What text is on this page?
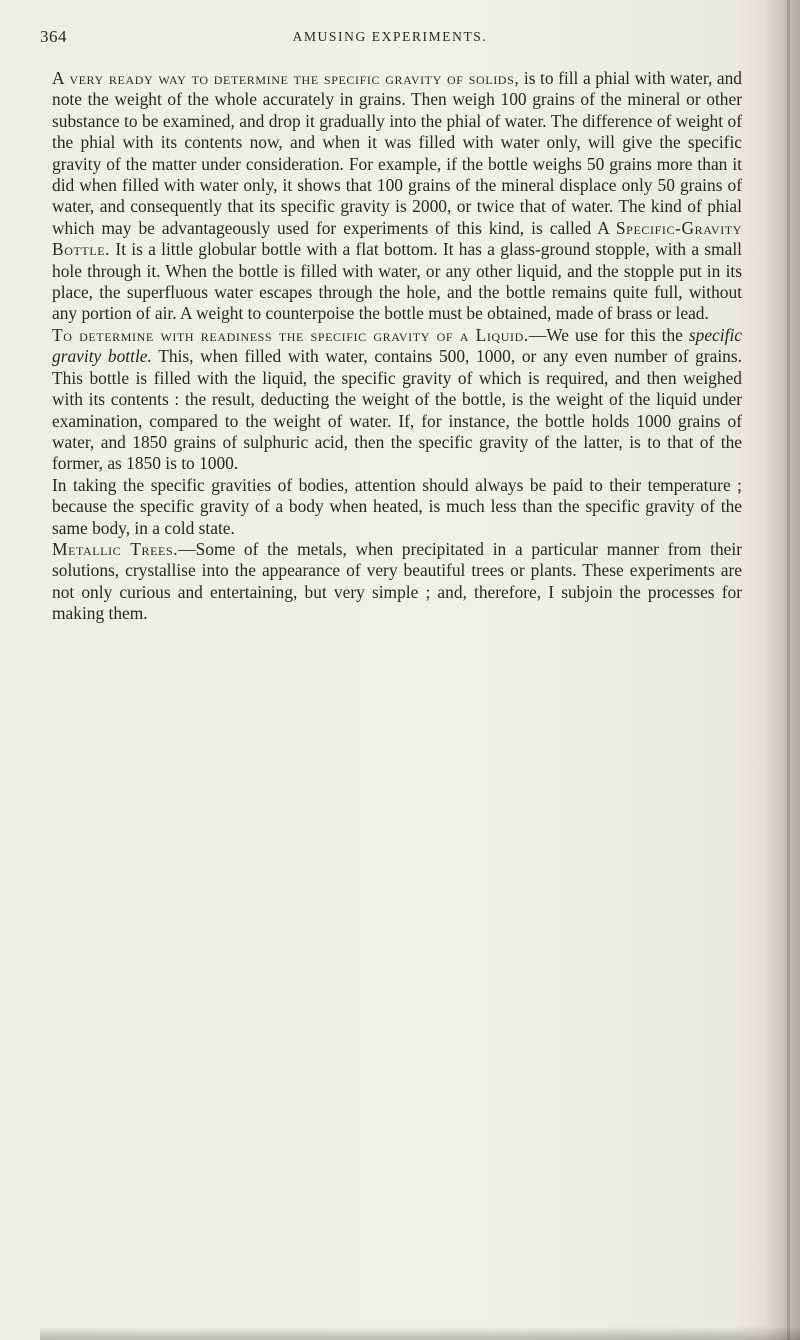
364	AMUSING EXPERIMENTS.

A very ready way to determine the specific gravity of solids, is to fill a phial with water, and note the weight of the whole accurately in grains. Then weigh 100 grains of the mineral or other substance to be examined, and drop it gradually into the phial of water. The difference of weight of the phial with its contents now, and when it was filled with water only, will give the specific gravity of the matter under consideration. For example, if the bottle weighs 50 grains more than it did when filled with water only, it shows that 100 grains of the mineral displace only 50 grains of water, and consequently that its specific gravity is 2000, or twice that of water. The kind of phial which may be advantageously used for experiments of this kind, is called A Specific-Gravity Bottle. It is a little globular bottle with a flat bottom. It has a glass-ground stopple, with a small hole through it. When the bottle is filled with water, or any other liquid, and the stopple put in its place, the superfluous water escapes through the hole, and the bottle remains quite full, without any portion of air. A weight to counterpoise the bottle must be obtained, made of brass or lead.

To determine with readiness the specific gravity of a Liquid.—We use for this the specific gravity bottle. This, when filled with water, contains 500, 1000, or any even number of grains. This bottle is filled with the liquid, the specific gravity of which is required, and then weighed with its contents : the result, deducting the weight of the bottle, is the weight of the liquid under examination, compared to the weight of water. If, for instance, the bottle holds 1000 grains of water, and 1850 grains of sulphuric acid, then the specific gravity of the latter, is to that of the former, as 1850 is to 1000.

In taking the specific gravities of bodies, attention should always be paid to their temperature ; because the specific gravity of a body when heated, is much less than the specific gravity of the same body, in a cold state.

Metallic Trees.—Some of the metals, when precipitated in a particular manner from their solutions, crystallise into the appearance of very beautiful trees or plants. These experiments are not only curious and entertaining, but very simple ; and, therefore, I subjoin the processes for making them.
